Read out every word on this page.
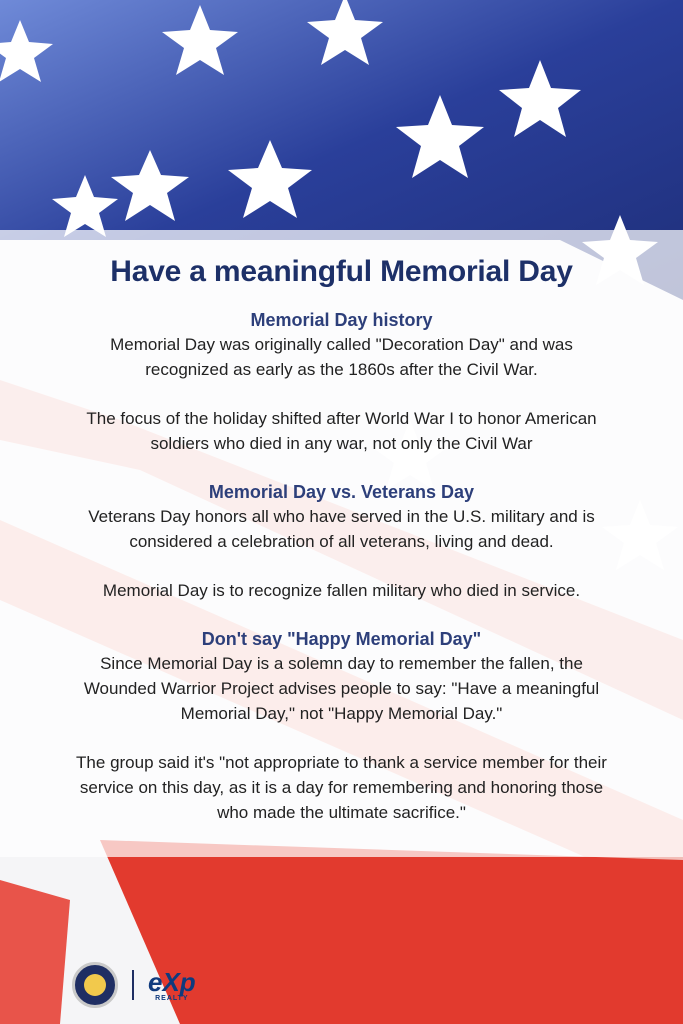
Have a meaningful Memorial Day

Memorial Day history

Memorial Day was originally called "Decoration Day" and was recognized as early as the 1860s after the Civil War.

The focus of the holiday shifted after World War I to honor American soldiers who died in any war, not only the Civil War

Memorial Day vs. Veterans Day

Veterans Day honors all who have served in the U.S. military and is considered a celebration of all veterans, living and dead.

Memorial Day is to recognize fallen military who died in service.

Don't say "Happy Memorial Day"

Since Memorial Day is a solemn day to remember the fallen, the Wounded Warrior Project advises people to say: "Have a meaningful Memorial Day," not "Happy Memorial Day."

The group said it's "not appropriate to thank a service member for their service on this day, as it is a day for remembering and honoring those who made the ultimate sacrifice."

eXp
REALTY
